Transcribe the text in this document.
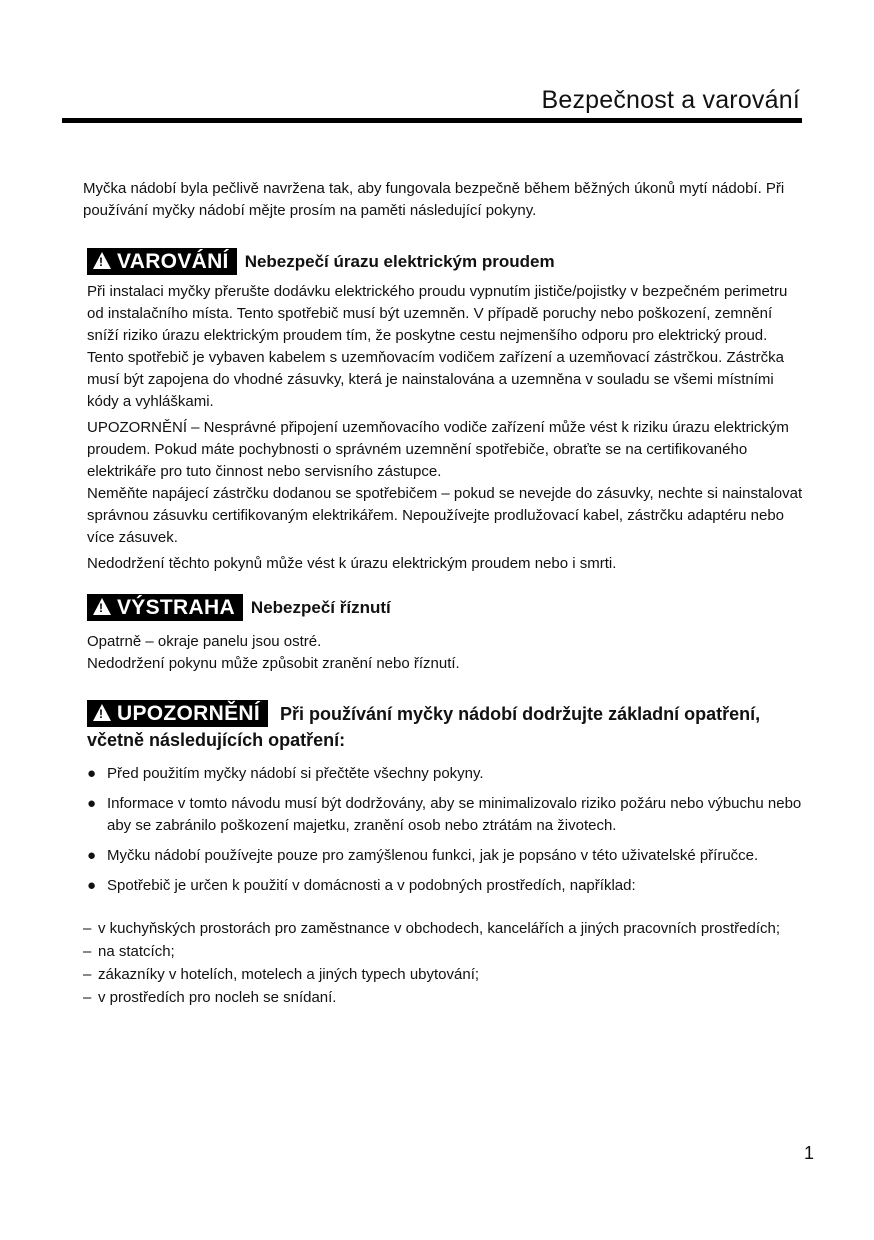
Bezpečnost a varování

Myčka nádobí byla pečlivě navržena tak, aby fungovala bezpečně během běžných úkonů mytí nádobí. Při používání myčky nádobí mějte prosím na paměti následující pokyny.

!VAROVÁNÍ Nebezpečí úrazu elektrickým proudem

Při instalaci myčky přerušte dodávku elektrického proudu vypnutím jističe/pojistky v bezpečném perimetru od instalačního místa. Tento spotřebič musí být uzemněn. V případě poruchy nebo poškození, zemnění sníží riziko úrazu elektrickým proudem tím, že poskytne cestu nejmenšího odporu pro elektrický proud. Tento spotřebič je vybaven kabelem s uzemňovacím vodičem zařízení a uzemňovací zástrčkou. Zástrčka musí být zapojena do vhodné zásuvky, která je nainstalována a uzemněna v souladu se všemi místními kódy a vyhláškami.

UPOZORNĚNÍ – Nesprávné připojení uzemňovacího vodiče zařízení může vést k riziku úrazu elektrickým proudem. Pokud máte pochybnosti o správném uzemnění spotřebiče, obraťte se na certifikovaného elektrikáře pro tuto činnost nebo servisního zástupce.

Neměňte napájecí zástrčku dodanou se spotřebičem – pokud se nevejde do zásuvky, nechte si nainstalovat správnou zásuvku certifikovaným elektrikářem. Nepoužívejte prodlužovací kabel, zástrčku adaptéru nebo více zásuvek.

Nedodržení těchto pokynů může vést k úrazu elektrickým proudem nebo i smrti.

!VÝSTRAHA Nebezpečí říznutí

Opatrně – okraje panelu jsou ostré.

Nedodržení pokynu může způsobit zranění nebo říznutí.

!UPOZORNĚNÍ Při používání myčky nádobí dodržujte základní opatření,
včetně následujících opatření:
● Před použitím myčky nádobí si přečtěte všechny pokyny.
● Informace v tomto návodu musí být dodržovány, aby se minimalizovalo riziko požáru nebo výbuchu nebo aby se zabránilo poškození majetku, zranění osob nebo ztrátám na životech.
● Myčku nádobí používejte pouze pro zamýšlenou funkci, jak je popsáno v této uživatelské příručce.
● Spotřebič je určen k použití v domácnosti a v podobných prostředích, například:
– v kuchyňských prostorách pro zaměstnance v obchodech, kancelářích a jiných pracovních prostředích;
– na statcích;
– zákazníky v hotelích, motelech a jiných typech ubytování;
– v prostředích pro nocleh se snídaní.
1
